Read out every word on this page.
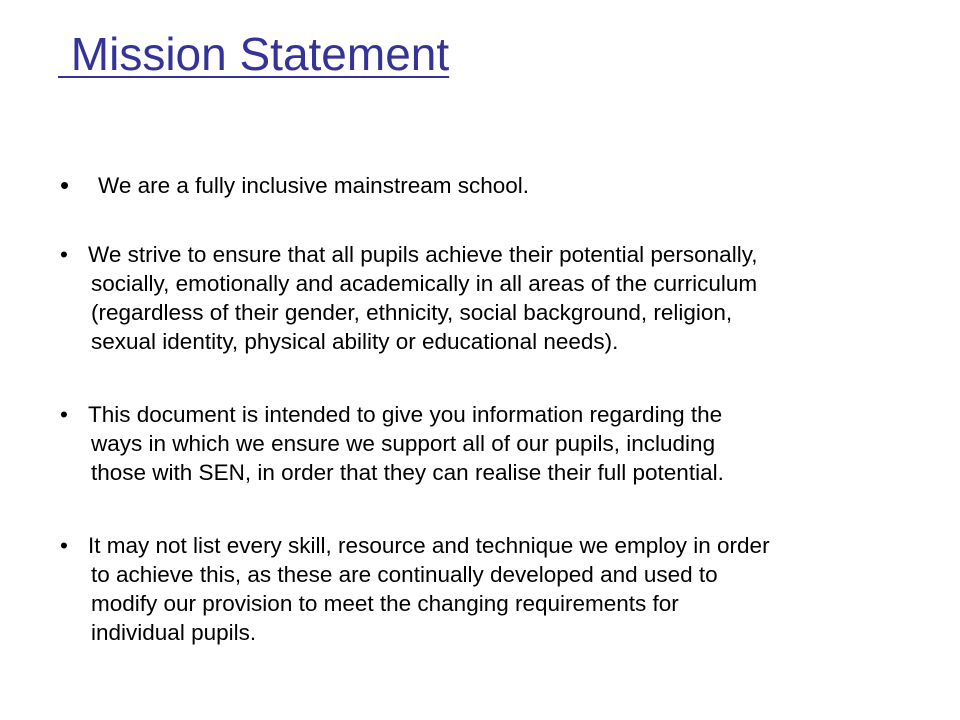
Mission Statement
• We are a fully inclusive mainstream school.
• We strive to ensure that all pupils achieve their potential personally,
socially, emotionally and academically in all areas of the curriculum
(regardless of their gender, ethnicity, social background, religion,
sexual identity, physical ability or educational needs).
• This document is intended to give you information regarding the
ways in which we ensure we support all of our pupils, including
those with SEN, in order that they can realise their full potential.
• It may not list every skill, resource and technique we employ in order
to achieve this, as these are continually developed and used to
modify our provision to meet the changing requirements for
individual pupils.
